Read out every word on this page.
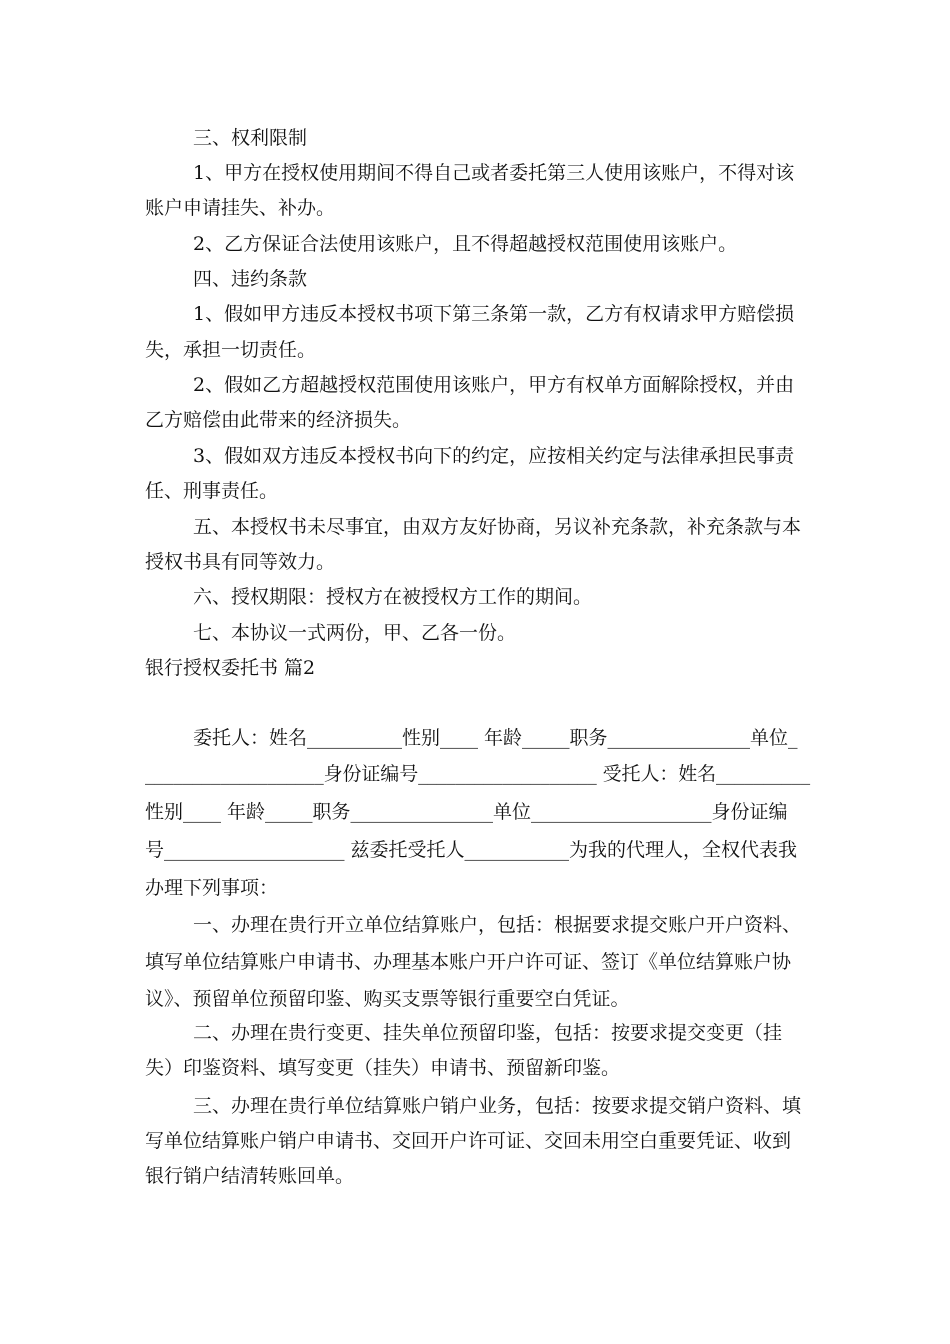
三、权利限制
1、甲方在授权使用期间不得自己或者委托第三人使用该账户，不得对该
账户申请挂失、补办。
2、乙方保证合法使用该账户，且不得超越授权范围使用该账户。
四、违约条款
1、假如甲方违反本授权书项下第三条第一款，乙方有权请求甲方赔偿损
失，承担一切责任。
2、假如乙方超越授权范围使用该账户，甲方有权单方面解除授权，并由
乙方赔偿由此带来的经济损失。
3、假如双方违反本授权书向下的约定，应按相关约定与法律承担民事责
任、刑事责任。
五、本授权书未尽事宜，由双方友好协商，另议补充条款，补充条款与本
授权书具有同等效力。
六、授权期限：授权方在被授权方工作的期间。
七、本协议一式两份，甲、乙各一份。
银行授权委托书 篇2
委托人：姓名__________性别____ 年龄_____职务_______________单位_
___________________身份证编号___________________ 受托人：姓名__________
性别____ 年龄_____职务_______________单位___________________身份证编
号___________________ 兹委托受托人___________为我的代理人，全权代表我
办理下列事项：
一、办理在贵行开立单位结算账户，包括：根据要求提交账户开户资料、
填写单位结算账户申请书、办理基本账户开户许可证、签订《单位结算账户协
议》、预留单位预留印鉴、购买支票等银行重要空白凭证。
二、办理在贵行变更、挂失单位预留印鉴，包括：按要求提交变更（挂
失）印鉴资料、填写变更（挂失）申请书、预留新印鉴。
三、办理在贵行单位结算账户销户业务，包括：按要求提交销户资料、填
写单位结算账户销户申请书、交回开户许可证、交回未用空白重要凭证、收到
银行销户结清转账回单。
